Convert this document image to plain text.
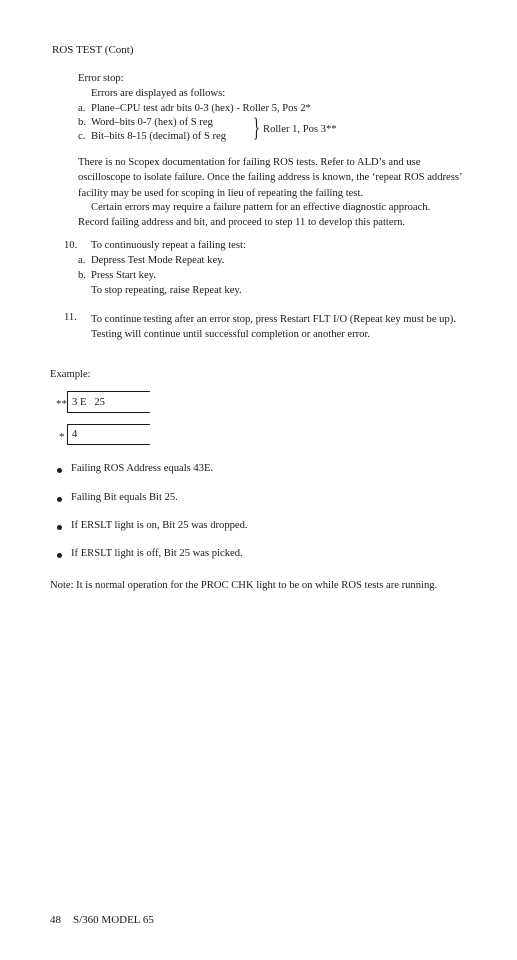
ROS TEST (Cont)
Error stop:
Errors are displayed as follows:
a. Plane–CPU test adr bits 0-3 (hex) - Roller 5, Pos 2*
b. Word–bits 0-7 (hex) of S reg
c. Bit–bits 8-15 (decimal) of S reg } Roller 1, Pos 3**
There is no Scopex documentation for failing ROS tests. Refer to ALD’s and use oscilloscope to isolate failure. Once the failing address is known, the ‘repeat ROS address’ facility may be used for scoping in lieu of repeating the failing test.
Certain errors may require a failure pattern for an effective diagnostic approach.
Record failing address and bit, and proceed to step 11 to develop this pattern.
10. To continuously repeat a failing test:
a. Depress Test Mode Repeat key.
b. Press Start key.
To stop repeating, raise Repeat key.
11. To continue testing after an error stop, press Restart FLT I/O (Repeat key must be up). Testing will continue until successful completion or another error.
Example:
** 3 E   25
* 4
Failing ROS Address equals 43E.
Failing Bit equals Bit 25.
If ERSLT light is on, Bit 25 was dropped.
If ERSLT light is off, Bit 25 was picked.
Note: It is normal operation for the PROC CHK light to be on while ROS tests are running.
48 S/360 MODEL 65
